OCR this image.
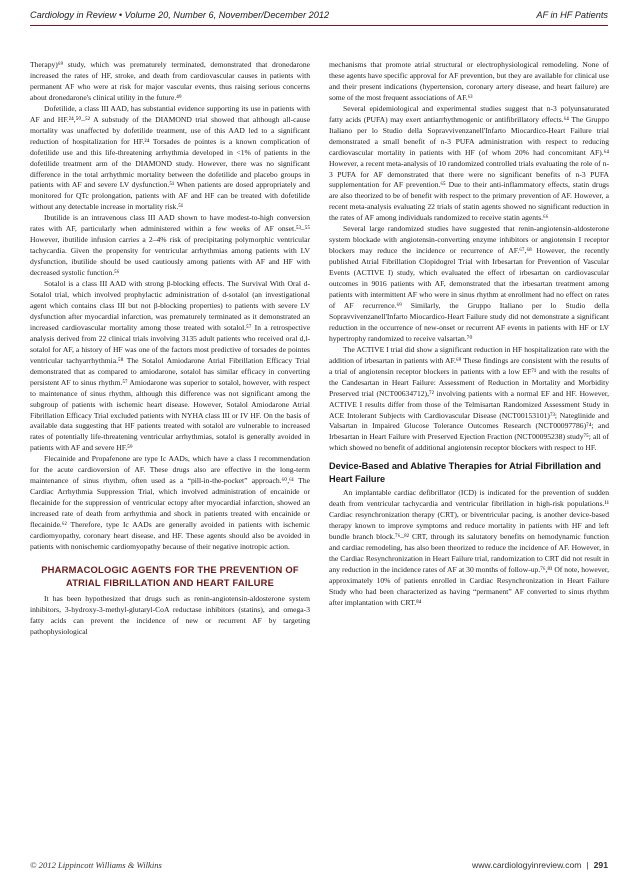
Cardiology in Review • Volume 20, Number 6, November/December 2012	AF in HF Patients

Therapy)⁶⁹ study, which was prematurely terminated, demonstrated that dronedarone increased the rates of HF, stroke, and death from cardiovascular causes in patients with permanent AF who were at risk for major vascular events, thus raising serious concerns about dronedarone's clinical utility in the future.⁴⁹

Dofetilide, a class III AAD, has substantial evidence supporting its use in patients with AF and HF.²⁴,⁵⁰–⁵² A substudy of the DIAMOND trial showed that although all-cause mortality was unaffected by dofetilide treatment, use of this AAD led to a significant reduction of hospitalization for HF.²⁴ Torsades de pointes is a known complication of dofetilide use and this life-threatening arrhythmia developed in <1% of patients in the dofetilide treatment arm of the DIAMOND study. However, there was no significant difference in the total arrhythmic mortality between the dofetilide and placebo groups in patients with AF and severe LV dysfunction.⁵¹ When patients are dosed appropriately and monitored for QTc prolongation, patients with AF and HF can be treated with dofetilide without any detectable increase in mortality risk.⁵¹

Ibutilide is an intravenous class III AAD shown to have modest-to-high conversion rates with AF, particularly when administered within a few weeks of AF onset.⁵³–⁵⁵ However, ibutilide infusion carries a 2–4% risk of precipitating polymorphic ventricular tachycardia. Given the propensity for ventricular arrhythmias among patients with LV dysfunction, ibutilide should be used cautiously among patients with AF and HF with decreased systolic function.⁵⁶

Sotalol is a class III AAD with strong β-blocking effects. The Survival With Oral d-Sotalol trial, which involved prophylactic administration of d-sotalol (an investigational agent which contains class III but not β-blocking properties) to patients with severe LV dysfunction after myocardial infarction, was prematurely terminated as it demonstrated an increased cardiovascular mortality among those treated with sotalol.⁵⁷ In a retrospective analysis derived from 22 clinical trials involving 3135 adult patients who received oral d,l-sotalol for AF, a history of HF was one of the factors most predictive of torsades de pointes ventricular tachyarrhythmia.⁵⁸ The Sotalol Amiodarone Atrial Fibrillation Efficacy Trial demonstrated that as compared to amiodarone, sotalol has similar efficacy in converting persistent AF to sinus rhythm.⁵⁷ Amiodarone was superior to sotalol, however, with respect to maintenance of sinus rhythm, although this difference was not significant among the subgroup of patients with ischemic heart disease. However, Sotalol Amiodarone Atrial Fibrillation Efficacy Trial excluded patients with NYHA class III or IV HF. On the basis of available data suggesting that HF patients treated with sotalol are vulnerable to increased rates of potentially life-threatening ventricular arrhythmias, sotalol is generally avoided in patients with AF and severe HF.⁵⁹

Flecainide and Propafenone are type Ic AADs, which have a class I recommendation for the acute cardioversion of AF. These drugs also are effective in the long-term maintenance of sinus rhythm, often used as a “pill-in-the-pocket” approach.⁶⁰,⁶¹ The Cardiac Arrhythmia Suppression Trial, which involved administration of encainide or flecainide for the suppression of ventricular ectopy after myocardial infarction, showed an increased rate of death from arrhythmia and shock in patients treated with encainide or flecainide.⁶² Therefore, type Ic AADs are generally avoided in patients with ischemic cardiomyopathy, coronary heart disease, and HF. These agents should also be avoided in patients with nonischemic cardiomyopathy because of their negative inotropic action.

PHARMACOLOGIC AGENTS FOR THE PREVENTION OF ATRIAL FIBRILLATION AND HEART FAILURE

It has been hypothesized that drugs such as renin-angiotensin-aldosterone system inhibitors, 3-hydroxy-3-methyl-glutaryl-CoA reductase inhibitors (statins), and omega-3 fatty acids can prevent the incidence of new or recurrent AF by targeting pathophysiological

mechanisms that promote atrial structural or electrophysiological remodeling. None of these agents have specific approval for AF prevention, but they are available for clinical use and their present indications (hypertension, coronary artery disease, and heart failure) are some of the most frequent associations of AF.⁶³

Several epidemiological and experimental studies suggest that n-3 polyunsaturated fatty acids (PUFA) may exert antiarrhythmogenic or antifibrillatory effects.⁶⁴ The Gruppo Italiano per lo Studio della Sopravvivenzanell'Infarto Miocardico-Heart Failure trial demonstrated a small benefit of n-3 PUFA administration with respect to reducing cardiovascular mortality in patients with HF (of whom 20% had concomitant AF).⁶⁴ However, a recent meta-analysis of 10 randomized controlled trials evaluating the role of n-3 PUFA for AF demonstrated that there were no significant benefits of n-3 PUFA supplementation for AF prevention.⁶⁵ Due to their anti-inflammatory effects, statin drugs are also theorized to be of benefit with respect to the primary prevention of AF. However, a recent meta-analysis evaluating 22 trials of statin agents showed no significant reduction in the rates of AF among individuals randomized to receive statin agents.⁶⁶

Several large randomized studies have suggested that renin-angiotensin-aldosterone system blockade with angiotensin-converting enzyme inhibitors or angiotensin I receptor blockers may reduce the incidence or recurrence of AF.⁶⁷,⁶⁸ However, the recently published Atrial Fibrillation Clopidogrel Trial with Irbesartan for Prevention of Vascular Events (ACTIVE I) study, which evaluated the effect of irbesartan on cardiovascular outcomes in 9016 patients with AF, demonstrated that the irbesartan treatment among patients with intermittent AF who were in sinus rhythm at enrollment had no effect on rates of AF recurrence.⁶⁹ Similarly, the Gruppo Italiano per lo Studio della Sopravvivenzanell'Infarto Miocardico-Heart Failure study did not demonstrate a significant reduction in the occurrence of new-onset or recurrent AF events in patients with HF or LV hypertrophy randomized to receive valsartan.⁷⁰

The ACTIVE I trial did show a significant reduction in HF hospitalization rate with the addition of irbesartan in patients with AF.⁶⁹ These findings are consistent with the results of a trial of angiotensin receptor blockers in patients with a low EF⁷¹ and with the results of the Candesartan in Heart Failure: Assessment of Reduction in Mortality and Morbidity Preserved trial (NCT00634712),⁷² involving patients with a normal EF and HF. However, ACTIVE I results differ from those of the Telmisartan Randomized Assessment Study in ACE Intolerant Subjects with Cardiovascular Disease (NCT00153101)⁷³; Nateglinide and Valsartan in Impaired Glucose Tolerance Outcomes Research (NCT00097786)⁷⁴; and Irbesartan in Heart Failure with Preserved Ejection Fraction (NCT00095238) study⁷⁵; all of which showed no benefit of additional angiotensin receptor blockers with respect to HF.

Device-Based and Ablative Therapies for Atrial Fibrillation and Heart Failure

An implantable cardiac defibrillator (ICD) is indicated for the prevention of sudden death from ventricular tachycardia and ventricular fibrillation in high-risk populations.¹¹ Cardiac resynchronization therapy (CRT), or biventricular pacing, is another device-based therapy known to improve symptoms and reduce mortality in patients with HF and left bundle branch block.⁷⁶–⁸² CRT, through its salutatory benefits on hemodynamic function and cardiac remodeling, has also been theorized to reduce the incidence of AF. However, in the Cardiac Resynchronization in Heart Failure trial, randomization to CRT did not result in any reduction in the incidence rates of AF at 30 months of follow-up.⁷⁶,⁸³ Of note, however, approximately 10% of patients enrolled in Cardiac Resynchronization in Heart Failure Study who had been characterized as having “permanent” AF converted to sinus rhythm after implantation with CRT.⁸⁴

© 2012 Lippincott Williams & Wilkins	www.cardiologyinreview.com | 291
